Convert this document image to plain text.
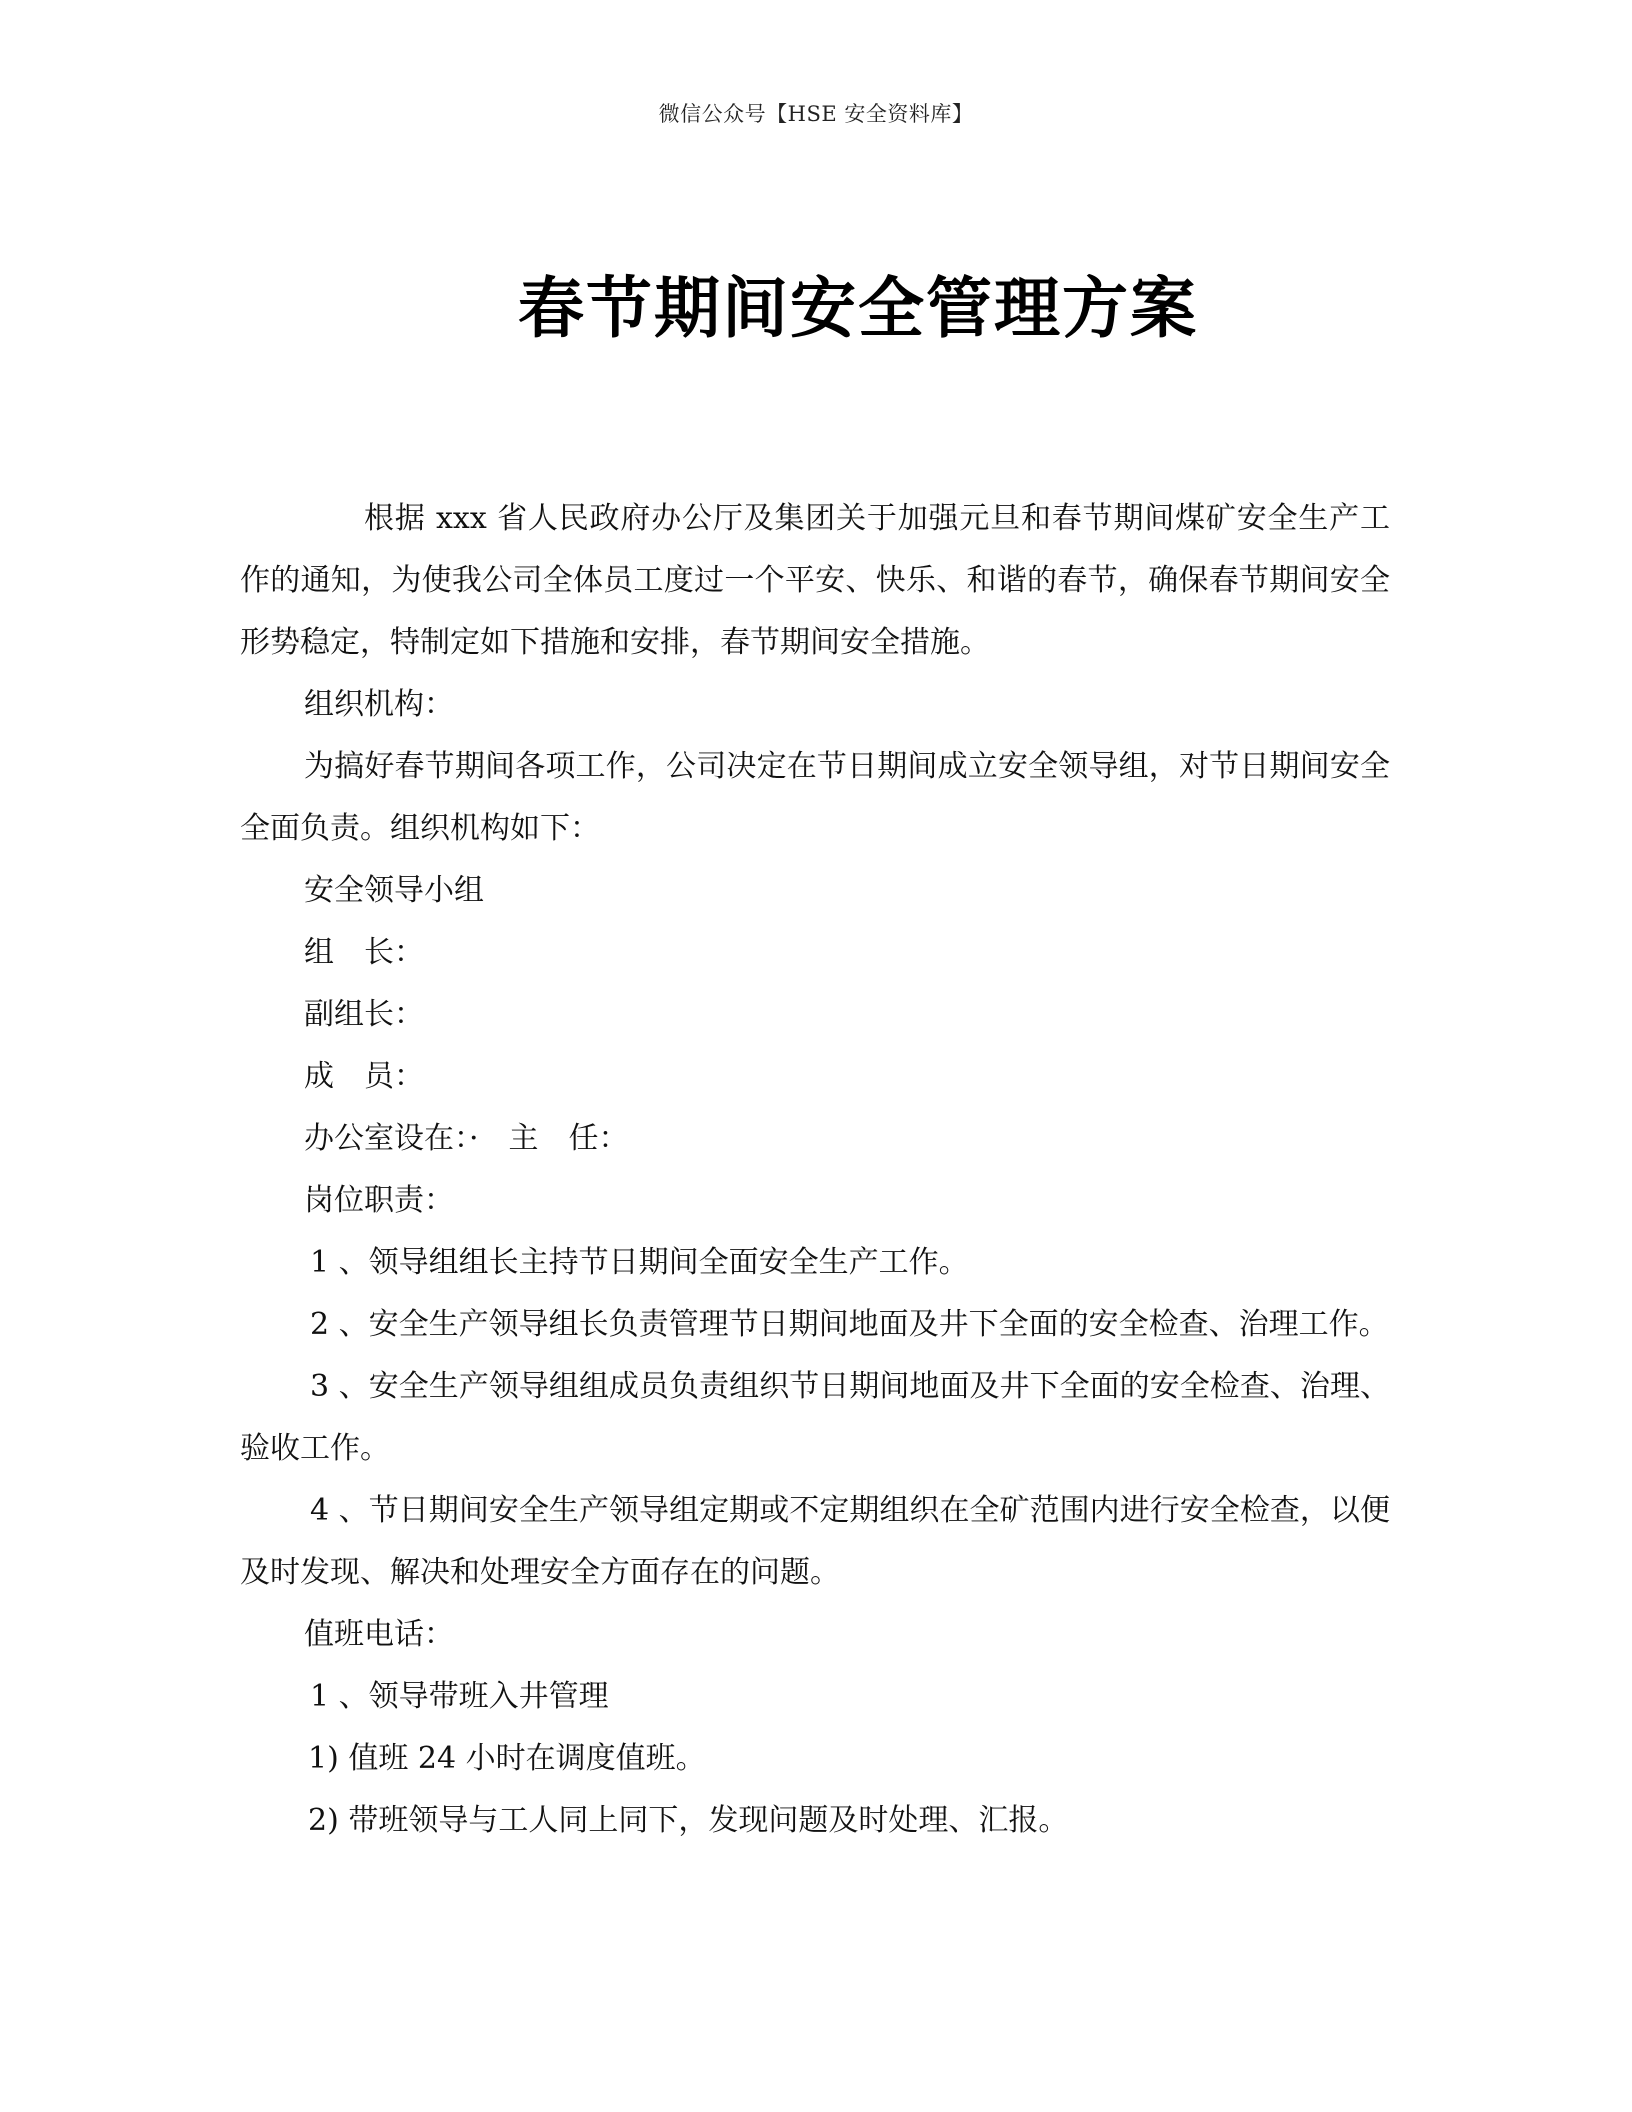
微信公众号【HSE 安全资料库】
春节期间安全管理方案

根据 xxx 省人民政府办公厅及集团关于加强元旦和春节期间煤矿安全生产工作的通知，为使我公司全体员工度过一个平安、快乐、和谐的春节，确保春节期间安全形势稳定，特制定如下措施和安排，春节期间安全措施。

组织机构：

为搞好春节期间各项工作，公司决定在节日期间成立安全领导组，对节日期间安全全面负责。组织机构如下：

安全领导小组

组　长：

副组长：

成　员：

办公室设在：·　主　任：

岗位职责：

1 、领导组组长主持节日期间全面安全生产工作。

2 、安全生产领导组长负责管理节日期间地面及井下全面的安全检查、治理工作。

3 、安全生产领导组组成员负责组织节日期间地面及井下全面的安全检查、治理、验收工作。

4 、节日期间安全生产领导组定期或不定期组织在全矿范围内进行安全检查，以便及时发现、解决和处理安全方面存在的问题。

值班电话：

1 、领导带班入井管理

1) 值班 24 小时在调度值班。

2) 带班领导与工人同上同下，发现问题及时处理、汇报。
